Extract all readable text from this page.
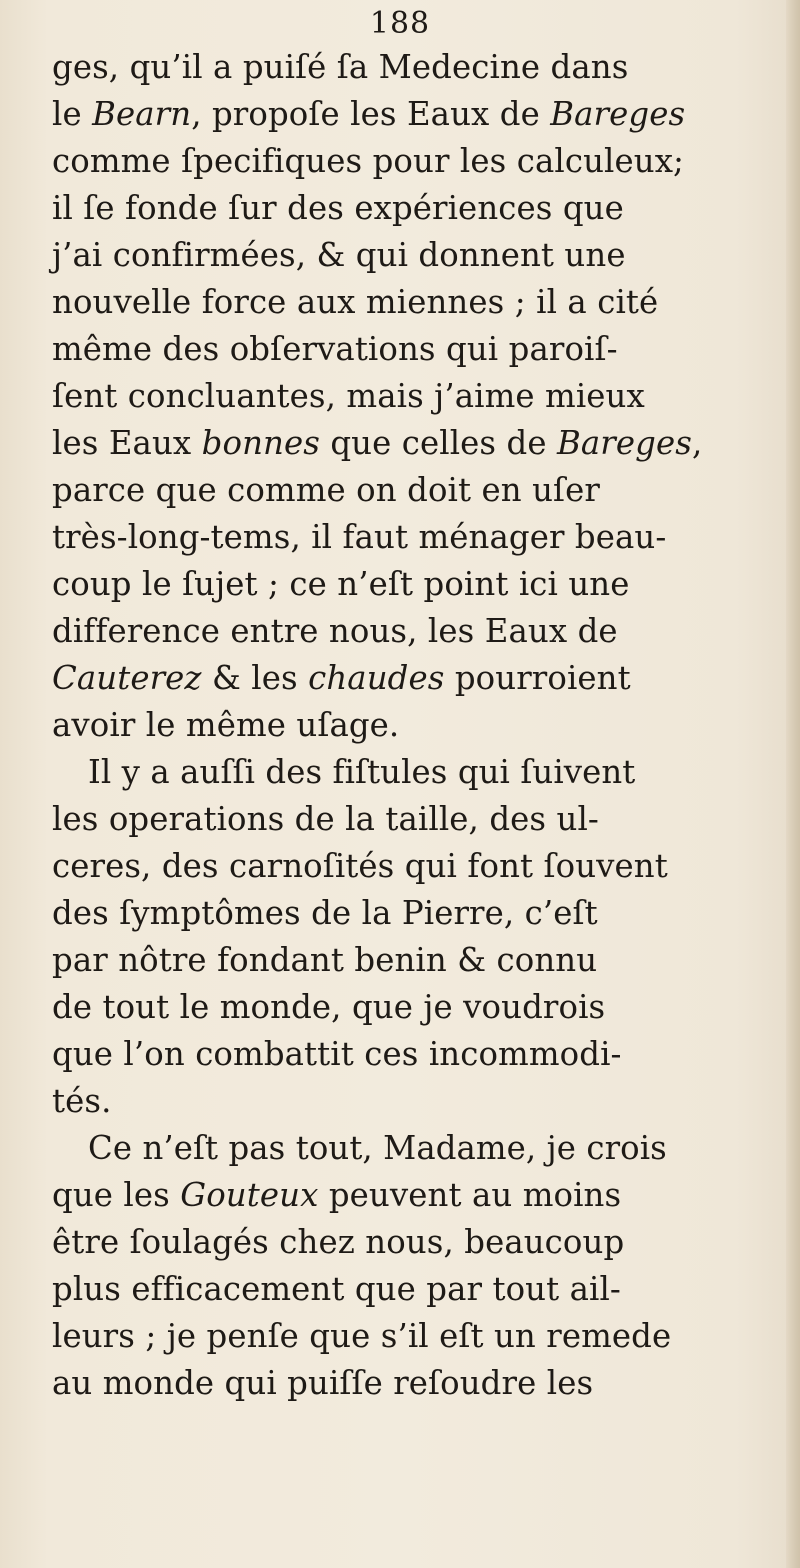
188
ges, qu’il a puiſé ſa Medecine dans
le Bearn, propoſe les Eaux de Bareges
comme ſpecifiques pour les calculeux;
il ſe fonde ſur des expériences que
j’ai confirmées, & qui donnent une
nouvelle force aux miennes ; il a cité
même des obſervations qui paroiſ-
ſent concluantes, mais j’aime mieux
les Eaux bonnes que celles de Bareges,
parce que comme on doit en uſer
très-long-tems, il faut ménager beau-
coup le ſujet ; ce n’eſt point ici une
difference entre nous, les Eaux de
Cauterez & les chaudes pourroient
avoir le même uſage.
Il y a auſſi des fiſtules qui ſuivent
les operations de la taille, des ul-
ceres, des carnoſités qui font ſouvent
des ſymptômes de la Pierre, c’eſt
par nôtre fondant benin & connu
de tout le monde, que je voudrois
que l’on combattit ces incommodi-
tés.
Ce n’eſt pas tout, Madame, je crois
que les Gouteux peuvent au moins
être ſoulagés chez nous, beaucoup
plus efficacement que par tout ail-
leurs ; je penſe que s’il eſt un remede
au monde qui puiſſe reſoudre les
